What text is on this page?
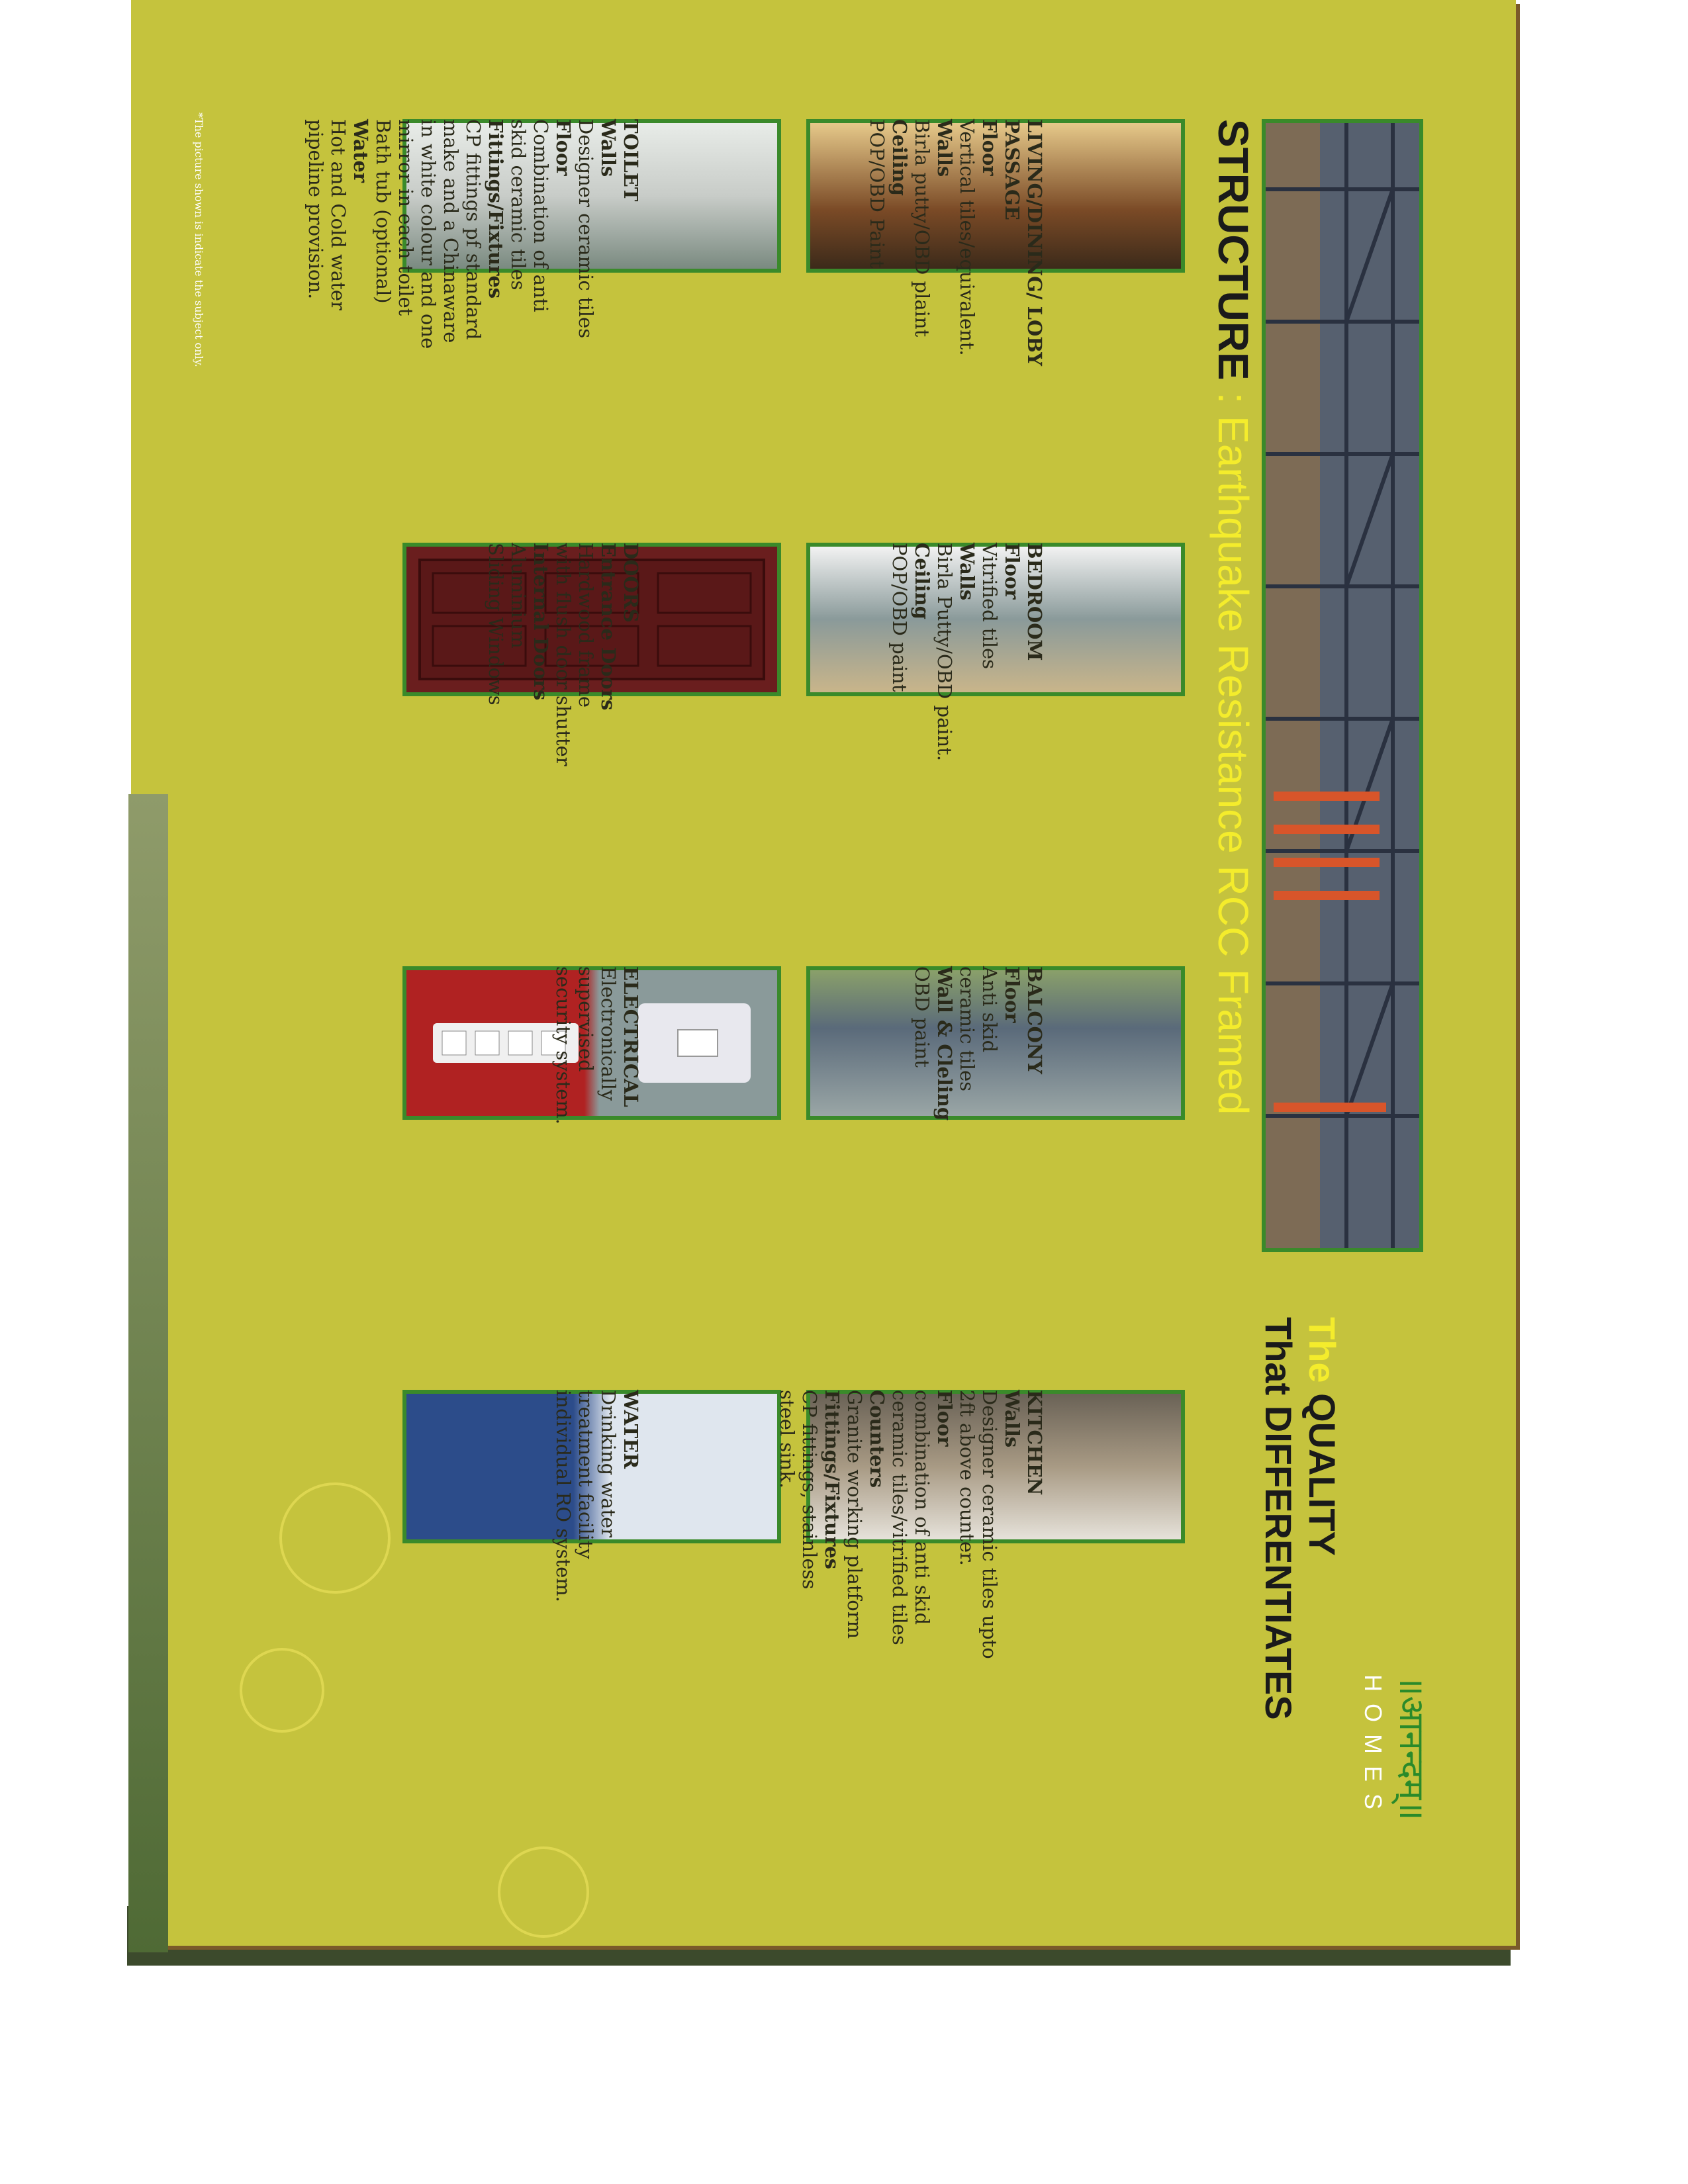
STRUCTURE : Earthquake Resistance RCC Framed
॥आनन्दम्॥
HOMES
The QUALITY
That DIFFERENTIATES
LIVING/DINING/ LOBY PASSAGE
Floor
Vertical tiles/equivalent.
Walls
Birla putty/OBD plaint
Ceiling
POP/OBD Paint
BEDROOM
Floor
Vitrified tiles
Walls
Birla Putty/OBD paint.
Ceiling
POP/OBD paint
BALCONY
Floor
Anti skid
ceramic tiles
Wall & Cleling
OBD paint
KITCHEN
Walls
Designer ceramic tiles upto
2ft above counter.
Floor
combination of anti skid
ceramic tiles/vitrified tiles
Counters
Granite working platform
Fittings/Fixtures
CP fittings, stainless
steel sink.
TOILET
Walls
Designer ceramic tiles
Floor
Combination of anti
skid ceramic tiles
Fittings/Fixtures
CP fittings pf standard
make and a Chinaware
in white colour and one
mirror in each toilet
Bath tub (optional)
Water
Hot and Cold water
pipeline provision.
DOORS
Entrance Doors
Hardwood frame
with flush door shutter
Internal Doors
Aluminium
Sliding Windows
ELECTRICAL
Electronically
supervised
security system.
WATER
Drinking water
treatment facility
individual RO system.
*The picture shown is indicate the subject only.
